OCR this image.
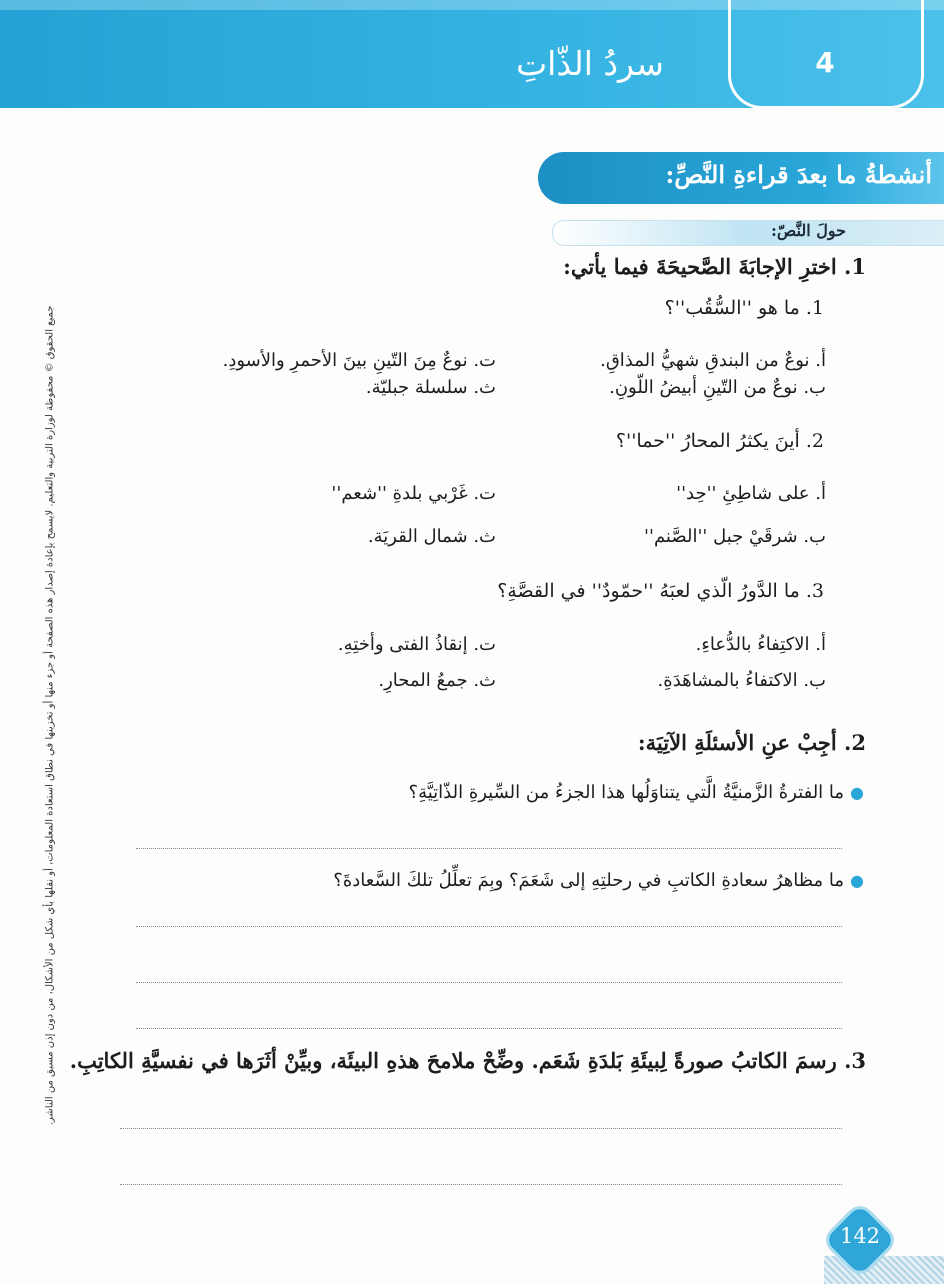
4
سردُ الذّاتِ
أنشطةُ ما بعدَ قراءةِ النَّصِّ:
حولَ النَّصّ:
1. اخترِ الإجابَةَ الصَّحيحَةَ فيما يأتي:
1. ما هو ''السُّقُب''؟
أ. نوعٌ من البندقِ شهيُّ المذاقِ.
ب. نوعٌ من التّينِ أبيضُ اللّونِ.
ت. نوعٌ مِنَ التّينِ بينَ الأحمرِ والأسودِ.
ث. سلسلة جبليّة.
2. أينَ يكثرُ المحارُ ''حما''؟
أ. على شاطِئِ ''حِد''
ب. شرقَيْ جبل ''الصَّنم''
ت. غَرْبي بلدةِ ''شعم''
ث. شمال القريَة.
3. ما الدَّورُ الّذي لعبَهُ ''حمّودٌ'' في القصَّةِ؟
أ. الاكتِفاءُ بالدُّعاءِ.
ب. الاكتفاءُ بالمشاهَدَةِ.
ت. إنقاذُ الفتى وأختِهِ.
ث. جمعُ المحارِ.
2. أجِبْ عنِ الأسئلَةِ الآتِيَة:
●ما الفترةُ الزَّمنيَّةُ الَّتي يتناوَلُها هذا الجزءُ من السِّيرةِ الذّاتِيَّةِ؟
●ما مظاهرُ سعادةِ الكاتبِ في رحلتِهِ إلى شَعَمَ؟ وبِمَ تعلِّلُ تلكَ السَّعادةَ؟
3. رسمَ الكاتبُ صورةً لِبيئَةِ بَلدَةِ شَعَم. وضِّحْ ملامحَ هذهِ البيئَة، وبيِّنْ أثَرَها في نفسيَّةِ الكاتِبِ.
جميع الحقوق © محفوظة لوزارة التربية والتعليم. لايسمح بإعادة إصدار هذه الصفحة أو جزء منها أو تخزينها في نطاق استعادة المعلومات، أو نقلها بأي شكل من الأشكال، من دون إذن مسبق من الناشر.
142
